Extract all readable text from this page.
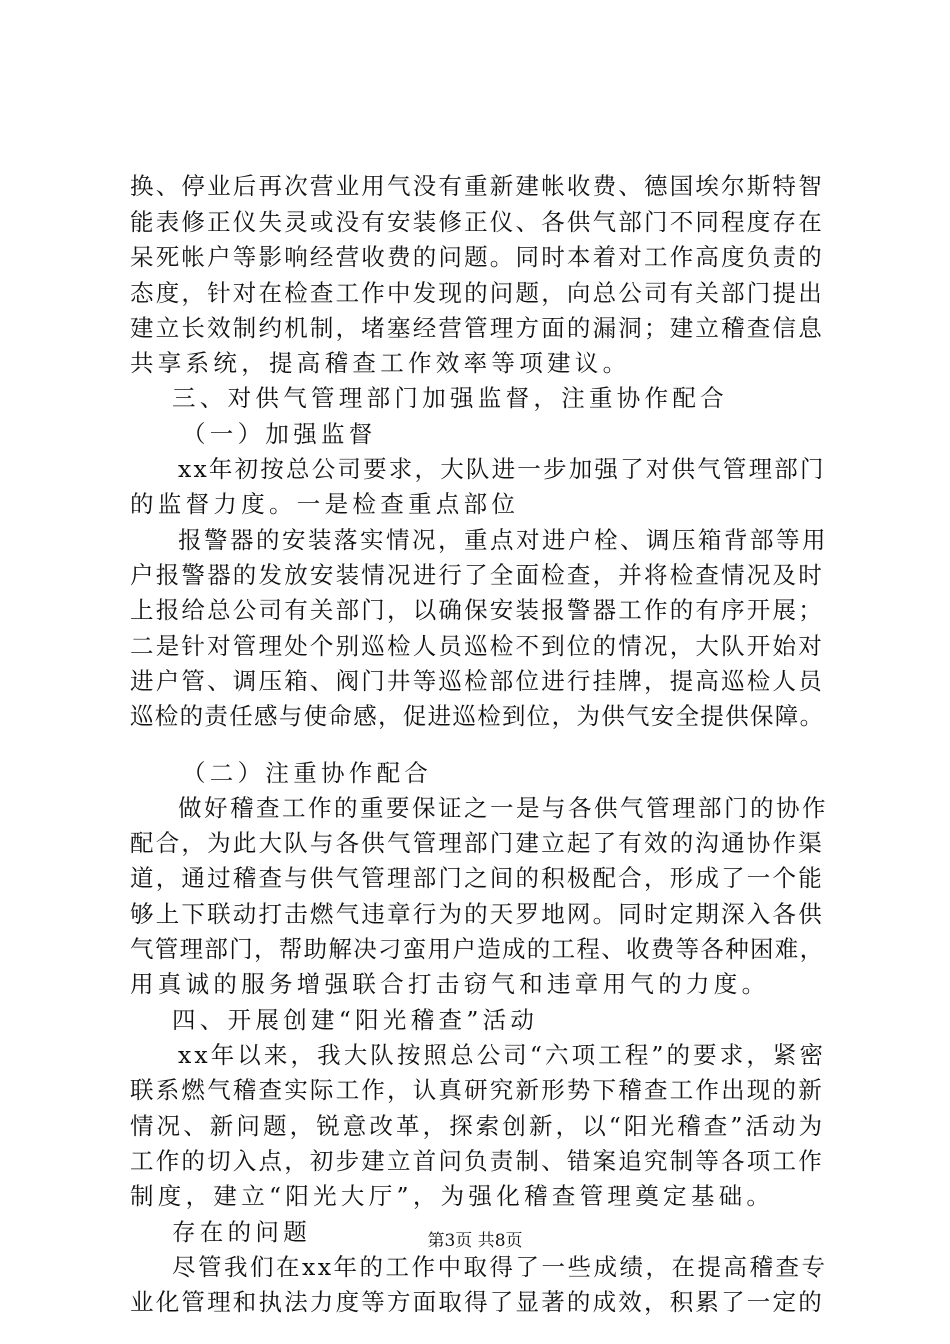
换、停业后再次营业用气没有重新建帐收费、德国埃尔斯特智
能表修正仪失灵或没有安装修正仪、各供气部门不同程度存在
呆死帐户等影响经营收费的问题。同时本着对工作高度负责的
态度，针对在检查工作中发现的问题，向总公司有关部门提出
建立长效制约机制，堵塞经营管理方面的漏洞；建立稽查信息
共享系统，提高稽查工作效率等项建议。
三、对供气管理部门加强监督，注重协作配合
（一）加强监督
xx年初按总公司要求，大队进一步加强了对供气管理部门
的监督力度。一是检查重点部位
报警器的安装落实情况，重点对进户栓、调压箱背部等用
户报警器的发放安装情况进行了全面检查，并将检查情况及时
上报给总公司有关部门，以确保安装报警器工作的有序开展；
二是针对管理处个别巡检人员巡检不到位的情况，大队开始对
进户管、调压箱、阀门井等巡检部位进行挂牌，提高巡检人员
巡检的责任感与使命感，促进巡检到位，为供气安全提供保障。
（二）注重协作配合
做好稽查工作的重要保证之一是与各供气管理部门的协作
配合，为此大队与各供气管理部门建立起了有效的沟通协作渠
道，通过稽查与供气管理部门之间的积极配合，形成了一个能
够上下联动打击燃气违章行为的天罗地网。同时定期深入各供
气管理部门，帮助解决刁蛮用户造成的工程、收费等各种困难，
用真诚的服务增强联合打击窃气和违章用气的力度。
四、开展创建“阳光稽查”活动
xx年以来，我大队按照总公司“六项工程”的要求，紧密
联系燃气稽查实际工作，认真研究新形势下稽查工作出现的新
情况、新问题，锐意改革，探索创新，以“阳光稽查”活动为
工作的切入点，初步建立首问负责制、错案追究制等各项工作
制度，建立“阳光大厅”，为强化稽查管理奠定基础。
存在的问题
尽管我们在xx年的工作中取得了一些成绩，在提高稽查专
业化管理和执法力度等方面取得了显著的成效，积累了一定的
第3页 共8页
